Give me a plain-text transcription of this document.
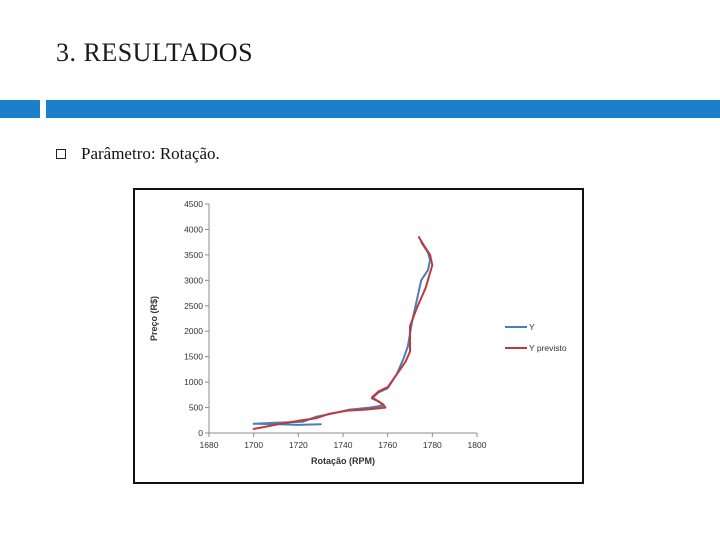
3. RESULTADOS
Parâmetro: Rotação.
0
500
1000
1500
2000
2500
3000
3500
4000
4500
1680	1700	1720	1740	1760	1780	1800
Rotação (RPM)
Preço (R$)	Y
Y previsto
